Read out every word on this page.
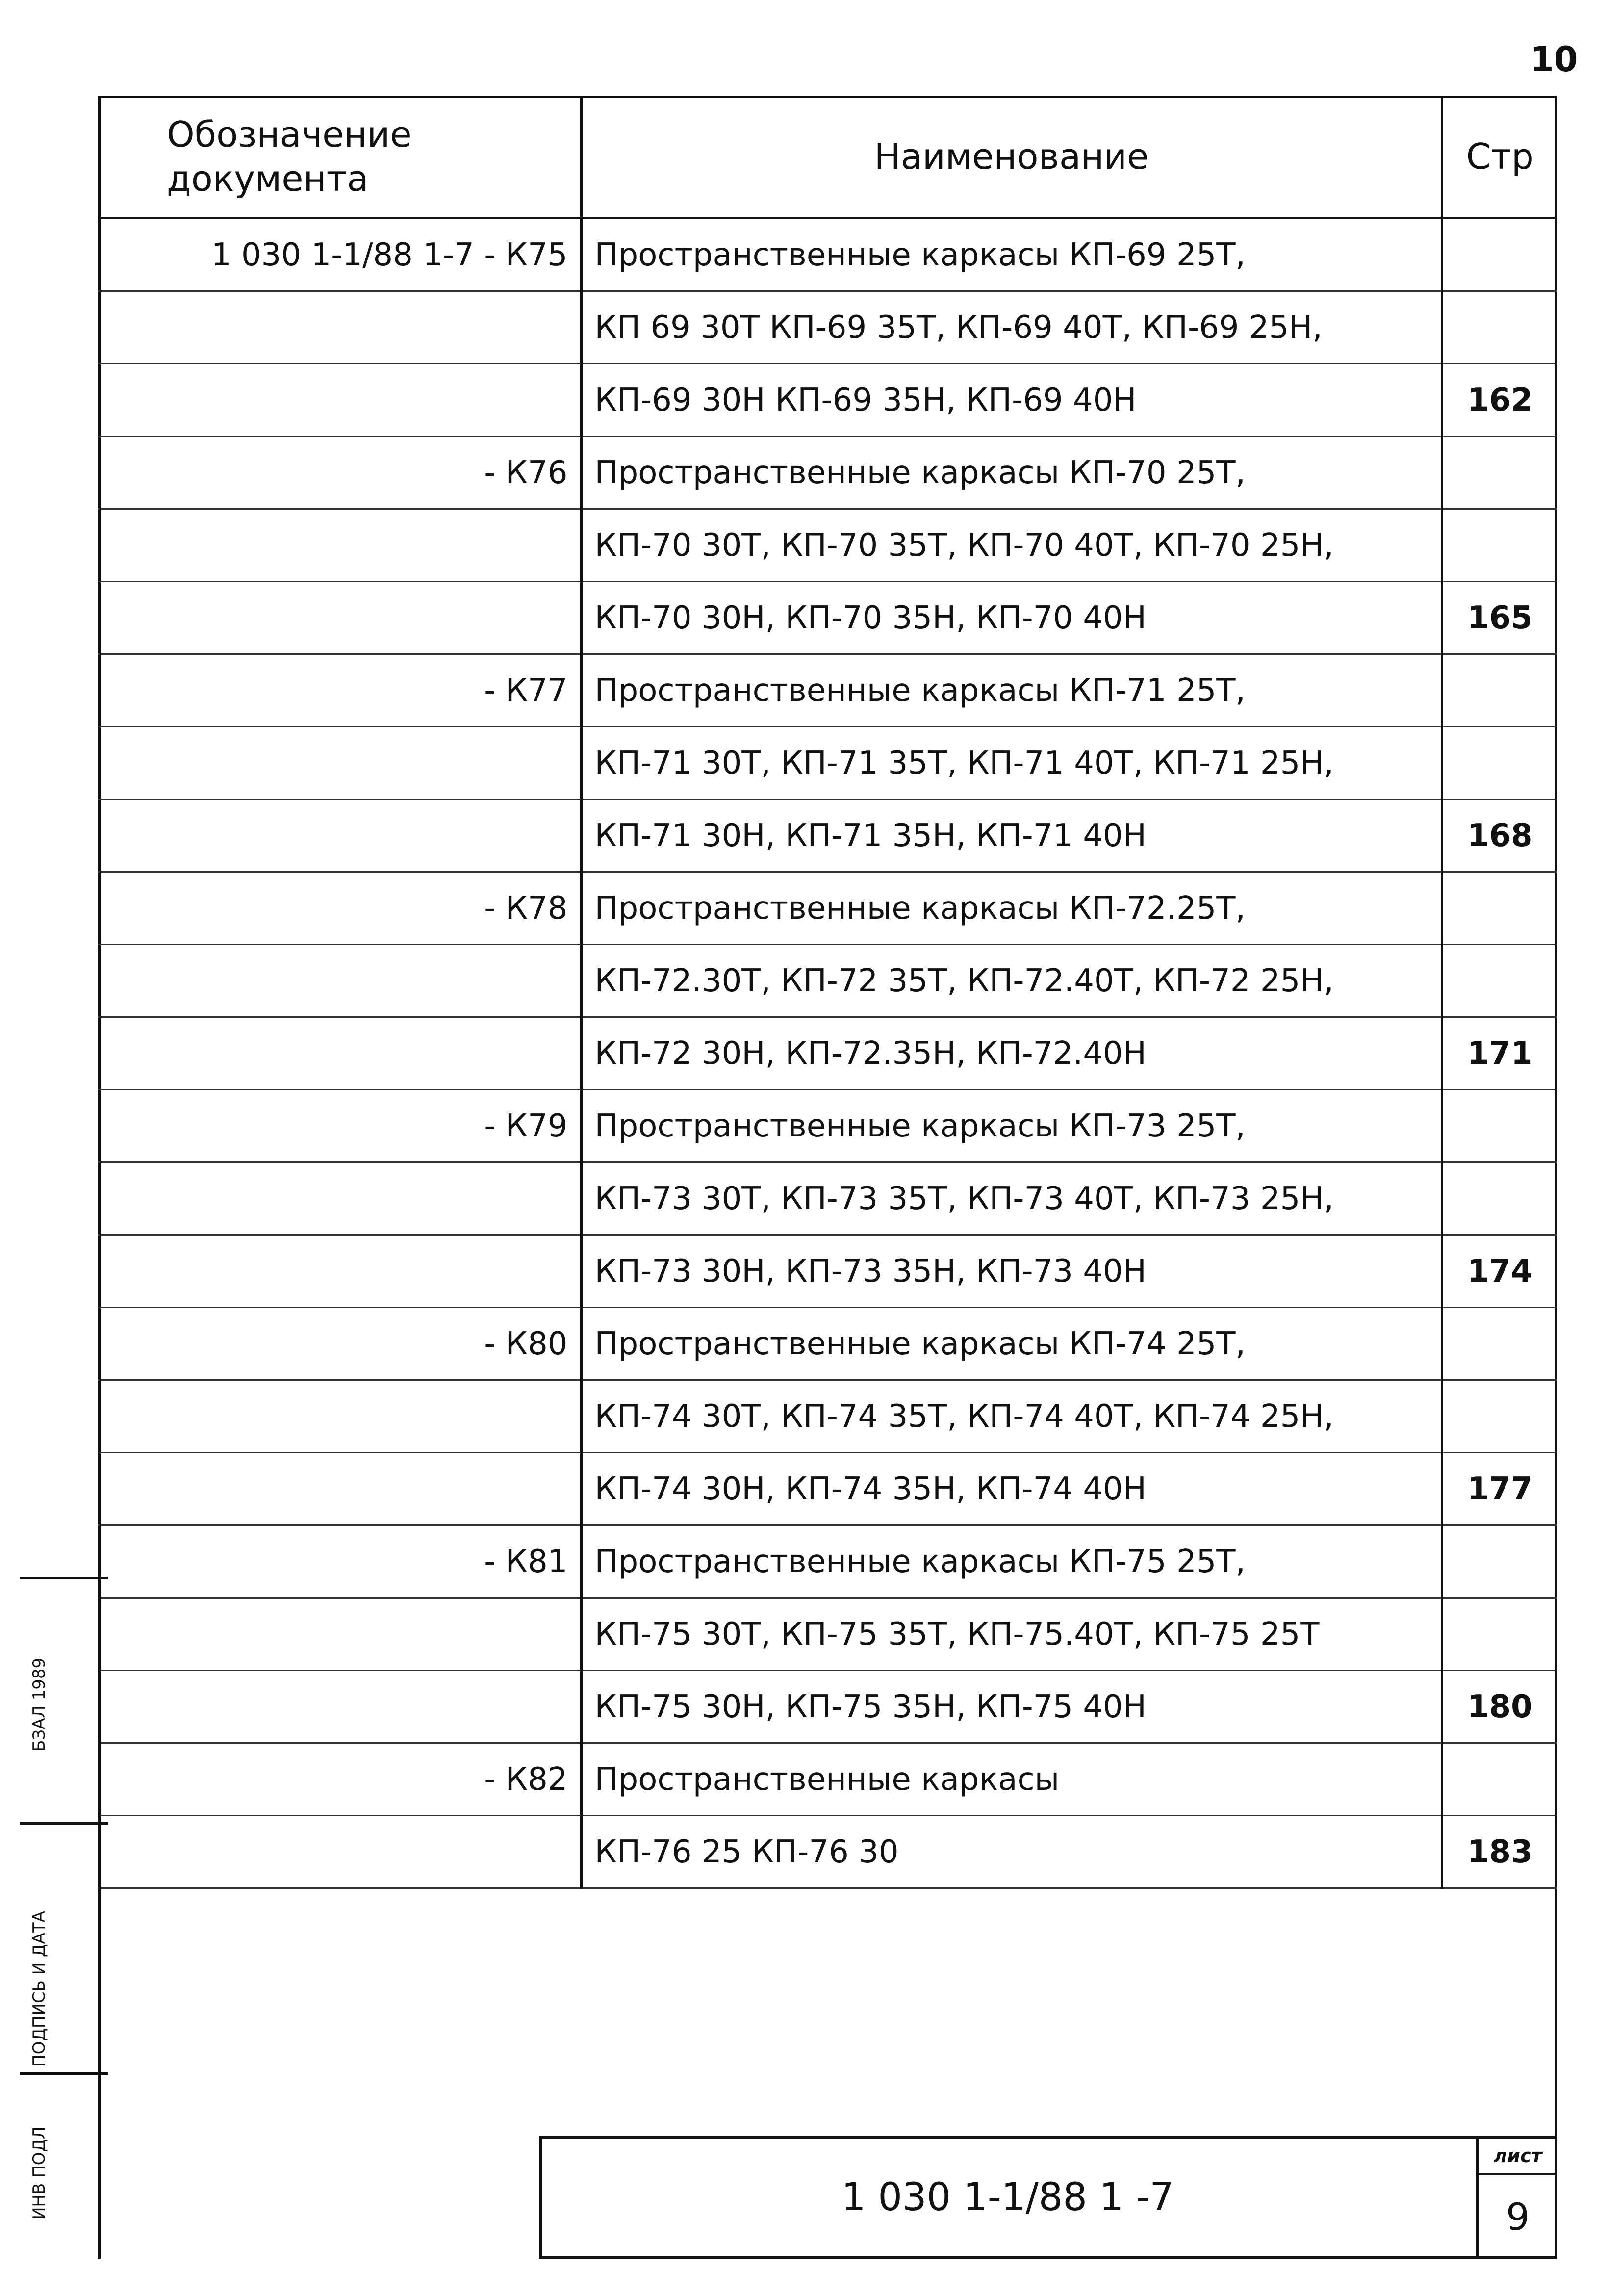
10
Обозначение
документа	Наименование	Стр
1 030 1-1/88 1-7 - К75	Пространственные каркасы КП-69 25Т,	
	КП 69 30Т КП-69 35Т, КП-69 40Т, КП-69 25Н,	
	КП-69 30Н КП-69 35Н, КП-69 40Н	162
- К76	Пространственные каркасы КП-70 25Т,	
	КП-70 30Т, КП-70 35Т, КП-70 40Т, КП-70 25Н,	
	КП-70 30Н, КП-70 35Н, КП-70 40Н	165
- К77	Пространственные каркасы КП-71 25Т,	
	КП-71 30Т, КП-71 35Т, КП-71 40Т, КП-71 25Н,	
	КП-71 30Н, КП-71 35Н, КП-71 40Н	168
- К78	Пространственные каркасы КП-72.25Т,	
	КП-72.30Т, КП-72 35Т, КП-72.40Т, КП-72 25Н,	
	КП-72 30Н, КП-72.35Н, КП-72.40Н	171
- К79	Пространственные каркасы КП-73 25Т,	
	КП-73 30Т, КП-73 35Т, КП-73 40Т, КП-73 25Н,	
	КП-73 30Н, КП-73 35Н, КП-73 40Н	174
- К80	Пространственные каркасы КП-74 25Т,	
	КП-74 30Т, КП-74 35Т, КП-74 40Т, КП-74 25Н,	
	КП-74 30Н, КП-74 35Н, КП-74 40Н	177
- К81	Пространственные каркасы КП-75 25Т,	
	КП-75 30Т, КП-75 35Т, КП-75.40Т, КП-75 25Т	
	КП-75 30Н, КП-75 35Н, КП-75 40Н	180
- К82	Пространственные каркасы	
	КП-76 25 КП-76 30	183
БЗАЛ 1989
ПОДПИСЬ И ДАТА
ИНВ ПОДЛ	1 030 1-1/88 1 -7
лист
9
